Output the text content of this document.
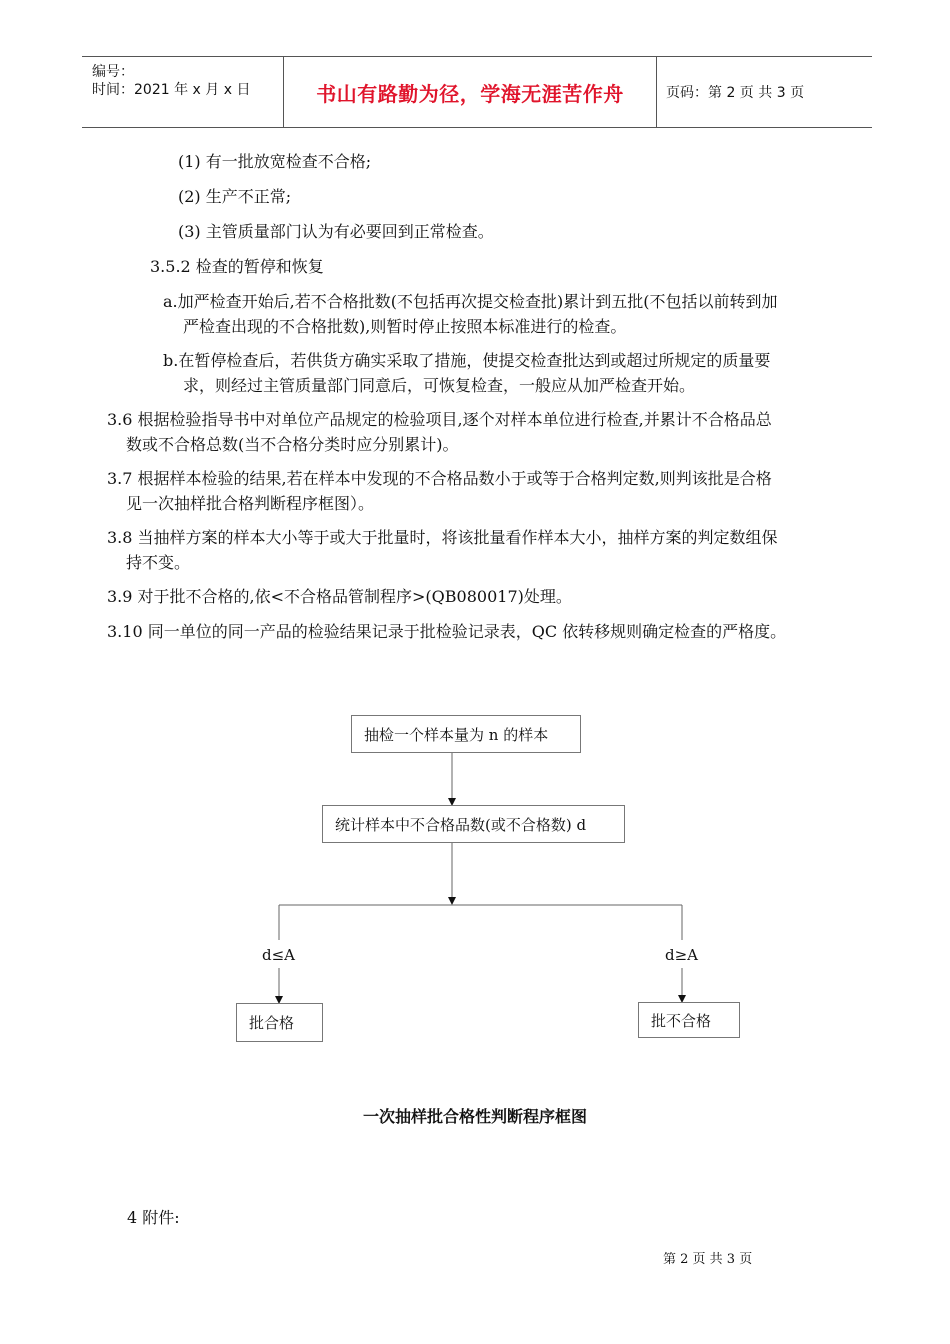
编号：
时间：2021 年 x 月 x 日	书山有路勤为径，学海无涯苦作舟	页码：第 2 页 共 3 页
(1) 有一批放宽检查不合格;
(2) 生产不正常;
(3) 主管质量部门认为有必要回到正常检查。
3.5.2 检查的暂停和恢复
a.加严检查开始后,若不合格批数(不包括再次提交检查批)累计到五批(不包括以前转到加
严检查出现的不合格批数),则暂时停止按照本标准进行的检查。
b.在暂停检查后，若供货方确实采取了措施，使提交检查批达到或超过所规定的质量要
求，则经过主管质量部门同意后，可恢复检查，一般应从加严检查开始。
3.6 根据检验指导书中对单位产品规定的检验项目,逐个对样本单位进行检查,并累计不合格品总
数或不合格总数(当不合格分类时应分别累计)。
3.7 根据样本检验的结果,若在样本中发现的不合格品数小于或等于合格判定数,则判该批是合格
见一次抽样批合格判断程序框图）。
3.8 当抽样方案的样本大小等于或大于批量时，将该批量看作样本大小，抽样方案的判定数组保
持不变。
3.9 对于批不合格的,依<不合格品管制程序>(QB080017)处理。
3.10 同一单位的同一产品的检验结果记录于批检验记录表，QC 依转移规则确定检查的严格度。
抽检一个样本量为 n 的样本
统计样本中不合格品数(或不合格数) d
d≤A	d≥A
批合格	批不合格
一次抽样批合格性判断程序框图
4 附件:
第 2 页 共 3 页
